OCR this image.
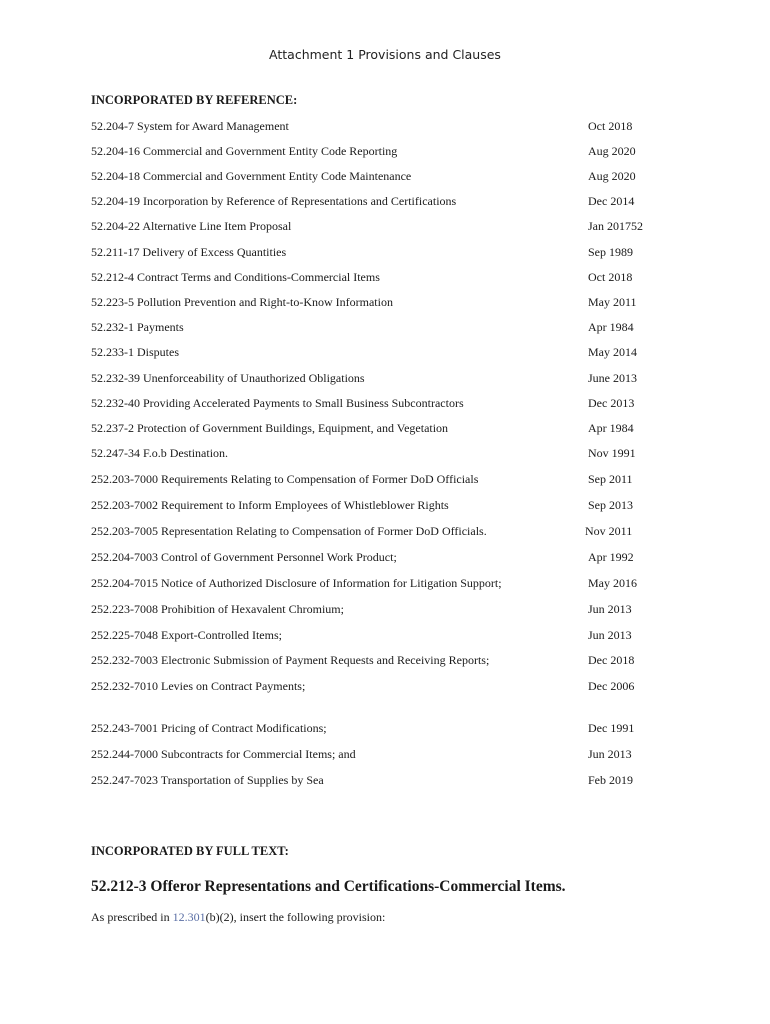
Attachment 1 Provisions and Clauses
INCORPORATED BY REFERENCE:
52.204-7 System for Award Management	Oct 2018
52.204-16 Commercial and Government Entity Code Reporting	Aug 2020
52.204-18 Commercial and Government Entity Code Maintenance	Aug 2020
52.204-19 Incorporation by Reference of Representations and Certifications	Dec 2014
52.204-22 Alternative Line Item Proposal	Jan 201752
52.211-17 Delivery of Excess Quantities	Sep 1989
52.212-4 Contract Terms and Conditions-Commercial Items	Oct 2018
52.223-5 Pollution Prevention and Right-to-Know Information	May 2011
52.232-1 Payments	Apr 1984
52.233-1 Disputes	May 2014
52.232-39 Unenforceability of Unauthorized Obligations	June 2013
52.232-40 Providing Accelerated Payments to Small Business Subcontractors	Dec 2013
52.237-2 Protection of Government Buildings, Equipment, and Vegetation	Apr 1984
52.247-34 F.o.b Destination.	Nov 1991
252.203-7000 Requirements Relating to Compensation of Former DoD Officials	Sep 2011
252.203-7002 Requirement to Inform Employees of Whistleblower Rights	Sep 2013
252.203-7005 Representation Relating to Compensation of Former DoD Officials.	Nov 2011
252.204-7003 Control of Government Personnel Work Product;	Apr 1992
252.204-7015 Notice of Authorized Disclosure of Information for Litigation Support;	May 2016
252.223-7008 Prohibition of Hexavalent Chromium;	Jun 2013
252.225-7048 Export-Controlled Items;	Jun 2013
252.232-7003 Electronic Submission of Payment Requests and Receiving Reports;	Dec 2018
252.232-7010 Levies on Contract Payments;	Dec 2006
252.243-7001 Pricing of Contract Modifications;	Dec 1991
252.244-7000 Subcontracts for Commercial Items; and	Jun 2013
252.247-7023 Transportation of Supplies by Sea	Feb 2019
INCORPORATED BY FULL TEXT:
52.212-3 Offeror Representations and Certifications-Commercial Items.
As prescribed in 12.301(b)(2), insert the following provision:
